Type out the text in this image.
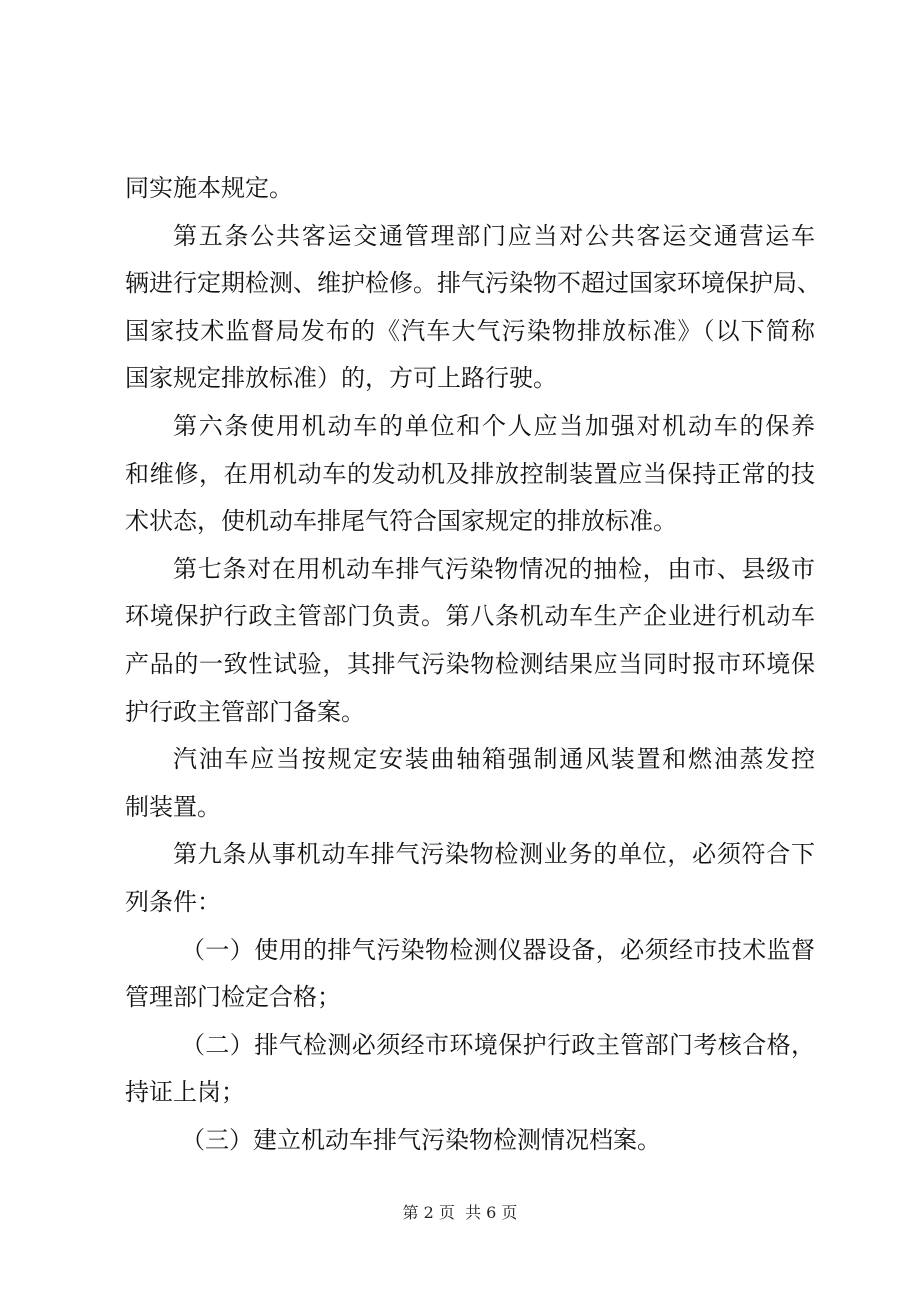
同实施本规定。
第五条公共客运交通管理部门应当对公共客运交通营运车
辆进行定期检测、维护检修。排气污染物不超过国家环境保护局、
国家技术监督局发布的《汽车大气污染物排放标准》（以下简称
国家规定排放标准）的，方可上路行驶。
第六条使用机动车的单位和个人应当加强对机动车的保养
和维修，在用机动车的发动机及排放控制装置应当保持正常的技
术状态，使机动车排尾气符合国家规定的排放标准。
第七条对在用机动车排气污染物情况的抽检，由市、县级市
环境保护行政主管部门负责。第八条机动车生产企业进行机动车
产品的一致性试验，其排气污染物检测结果应当同时报市环境保
护行政主管部门备案。
汽油车应当按规定安装曲轴箱强制通风装置和燃油蒸发控
制装置。
第九条从事机动车排气污染物检测业务的单位，必须符合下
列条件：
（一）使用的排气污染物检测仪器设备，必须经市技术监督
管理部门检定合格；
（二）排气检测必须经市环境保护行政主管部门考核合格，
持证上岗；
（三）建立机动车排气污染物检测情况档案。
第 2 页  共 6 页
